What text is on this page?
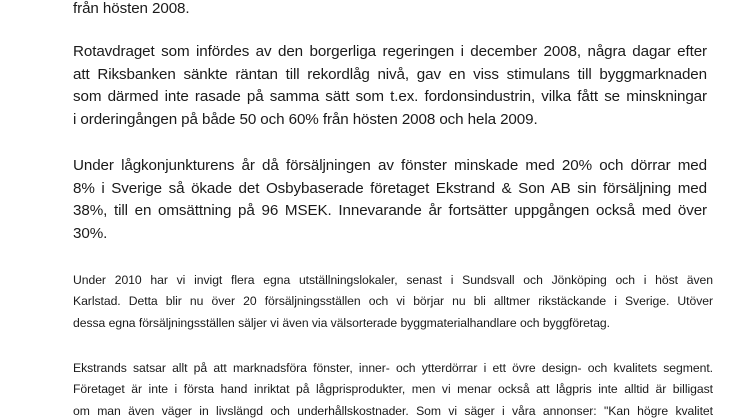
från hösten 2008.

Rotavdraget som infördes av den borgerliga regeringen i december 2008, några dagar efter
att Riksbanken sänkte räntan till rekordlåg nivå, gav en viss stimulans till byggmarknaden
som därmed inte rasade på samma sätt som t.ex. fordonsindustrin, vilka fått se minskningar
i orderingången på både 50 och 60% från hösten 2008 och hela 2009.

Under lågkonjunkturens år då försäljningen av fönster minskade med 20% och dörrar med
8% i Sverige så ökade det Osbybaserade företaget Ekstrand & Son AB sin försäljning med
38%, till en omsättning på 96 MSEK. Innevarande år fortsätter uppgången också med över
30%.

Under 2010 har vi invigt flera egna utställningslokaler, senast i Sundsvall och Jönköping och i höst även
Karlstad. Detta blir nu över 20 försäljningsställen och vi börjar nu bli alltmer rikstäckande i Sverige. Utöver
dessa egna försäljningsställen säljer vi även via välsorterade byggmaterialhandlare och byggföretag.

Ekstrands satsar allt på att marknadsföra fönster, inner- och ytterdörrar i ett övre design- och kvalitets segment.
Företaget är inte i första hand inriktat på lågprisprodukter, men vi menar också att lågpris inte alltid är billigast
om man även väger in livslängd och underhållskostnader. Som vi säger i våra annonser: "Kan högre kvalitet
